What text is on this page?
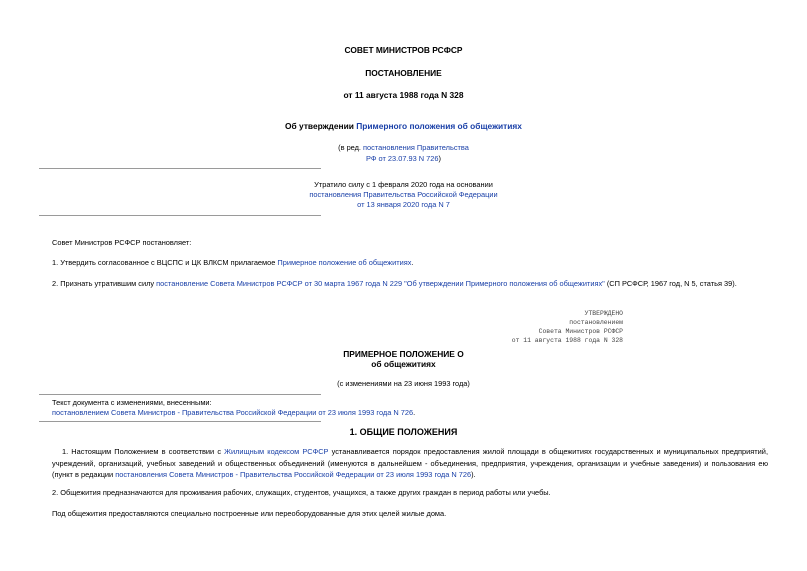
СОВЕТ МИНИСТРОВ РСФСР
ПОСТАНОВЛЕНИЕ
от 11 августа 1988 года N 328
Об утверждении Примерного положения об общежитиях
(в ред. постановления Правительства
РФ от 23.07.93 N 726)
Утратило силу с 1 февраля 2020 года на основании
постановления Правительства Российской Федерации
от 13 января 2020 года N 7
Совет Министров РСФСР постановляет:
1. Утвердить согласованное с ВЦСПС и ЦК ВЛКСМ прилагаемое Примерное положение об общежитиях.
2. Признать утратившим силу постановление Совета Министров РСФСР от 30 марта 1967 года N 229 "Об утверждении Примерного положения об общежитиях" (СП РСФСР, 1967 год, N 5, статья 39).
УТВЕРЖДЕНО
постановлением
Совета Министров РСФСР
от 11 августа 1988 года N 328
ПРИМЕРНОЕ ПОЛОЖЕНИЕ О
об общежитиях
(с изменениями на 23 июня 1993 года)
Текст документа с изменениями, внесенными:
постановлением Совета Министров - Правительства Российской Федерации от 23 июля 1993 года N 726.
1. ОБЩИЕ ПОЛОЖЕНИЯ
1. Настоящим Положением в соответствии с Жилищным кодексом РСФСР устанавливается порядок предоставления жилой площади в общежитиях государственных и муниципальных предприятий, учреждений, организаций, учебных заведений и общественных объединений (именуются в дальнейшем - объединения, предприятия, учреждения, организации и учебные заведения) и пользования ею (пункт в редакции постановления Совета Министров - Правительства Российской Федерации от 23 июля 1993 года N 726).
2. Общежития предназначаются для проживания рабочих, служащих, студентов, учащихся, а также других граждан в период работы или учебы.
Под общежития предоставляются специально построенные или переоборудованные для этих целей жилые дома.
